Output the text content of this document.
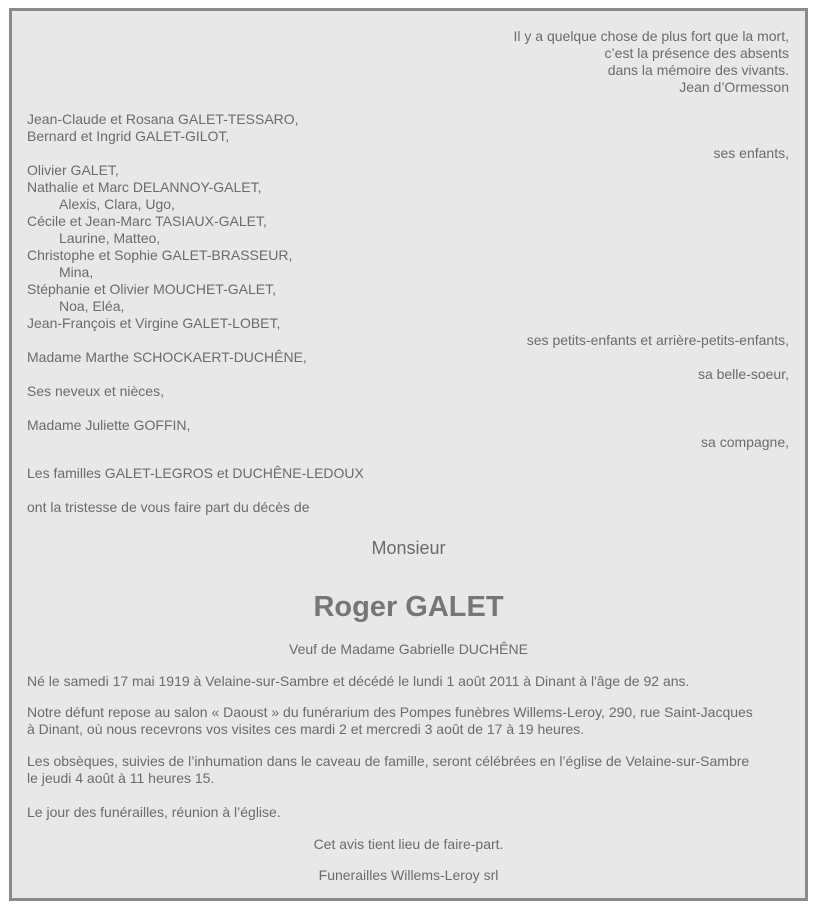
Il y a quelque chose de plus fort que la mort,

c’est la présence des absents

dans la mémoire des vivants.

Jean d’Ormesson

Jean-Claude et Rosana GALET-TESSARO,

Bernard et Ingrid GALET-GILOT,

ses enfants,

Olivier GALET,

Nathalie et Marc DELANNOY-GALET,

Alexis, Clara, Ugo,

Cécile et Jean-Marc TASIAUX-GALET,

Laurine, Matteo,

Christophe et Sophie GALET-BRASSEUR,

Mina,

Stéphanie et Olivier MOUCHET-GALET,

Noa, Eléa,

Jean-François et Virgine GALET-LOBET,

ses petits-enfants et arrière-petits-enfants,

Madame Marthe SCHOCKAERT-DUCHÊNE,

sa belle-soeur,

Ses neveux et nièces,

Madame Juliette GOFFIN,

sa compagne,

Les familles GALET-LEGROS et DUCHÊNE-LEDOUX

ont la tristesse de vous faire part du décès de

Monsieur

Roger GALET

Veuf de Madame Gabrielle DUCHÊNE

Né le samedi 17 mai 1919 à Velaine-sur-Sambre et décédé le lundi 1 août 2011 à Dinant à l'âge de 92 ans.

Notre défunt repose au salon « Daoust » du funérarium des Pompes funèbres Willems-Leroy, 290, rue Saint-Jacques

à Dinant, où nous recevrons vos visites ces mardi 2 et mercredi 3 août de 17 à 19 heures.

Les obsèques, suivies de l’inhumation dans le caveau de famille, seront célébrées en l’église de Velaine-sur-Sambre

le jeudi 4 août à 11 heures 15.

Le jour des funérailles, réunion à l’église.

Cet avis tient lieu de faire-part.

Funerailles Willems-Leroy srl
